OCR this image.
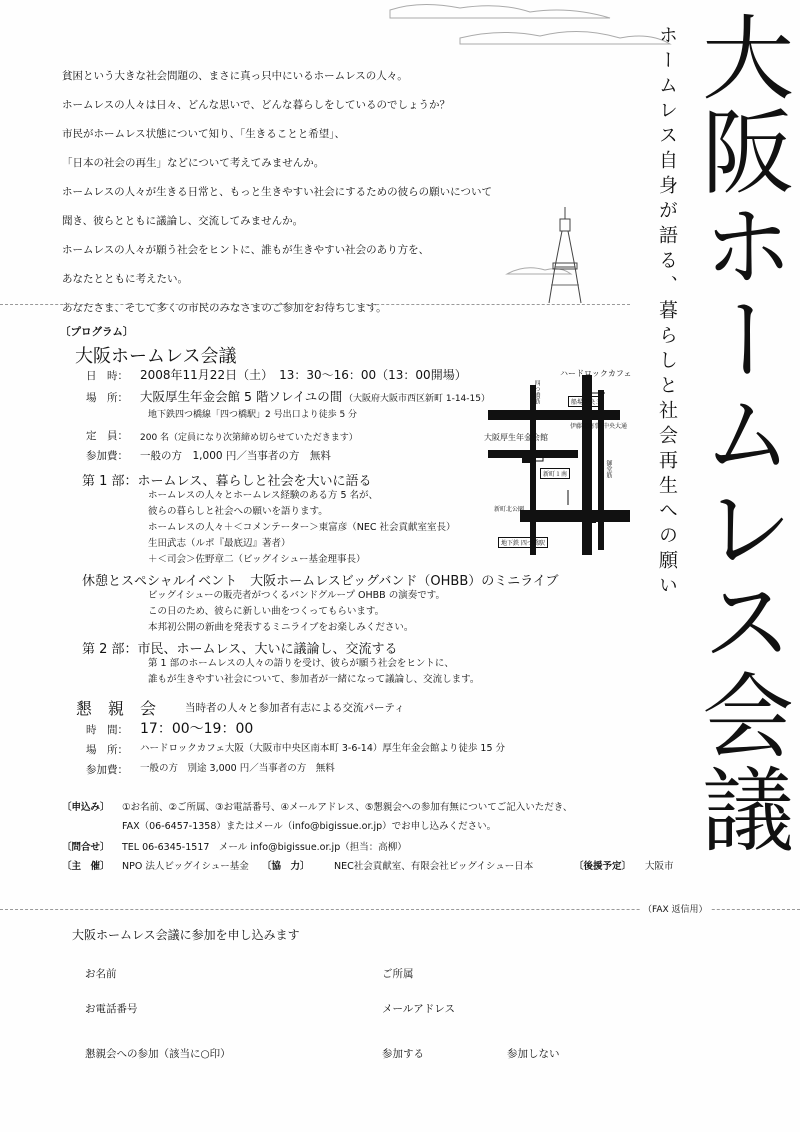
大阪ホームレス会議
ホームレス自身が語る、暮らしと社会再生への願い

貧困という大きな社会問題の、まさに真っ只中にいるホームレスの人々。

ホームレスの人々は日々、どんな思いで、どんな暮らしをしているのでしょうか？

市民がホームレス状態について知り、「生きることと希望」、

「日本の社会の再生」などについて考えてみませんか。

ホームレスの人々が生きる日常と、もっと生きやすい社会にするための彼らの願いについて

聞き、彼らとともに議論し、交流してみませんか。

ホームレスの人々が願う社会をヒントに、誰もが生きやすい社会のあり方を、

あなたとともに考えたい。

あなたさま、そして多くの市民のみなさまのご参加をお待ちします。

〔プログラム〕
大阪ホームレス会議
日　時： 2008年11月22日（土）　13：30〜16：00（13：00開場）
場　所： 大阪厚生年金会館 5 階ソレイユの間 （大阪府大阪市西区新町 1-14-15）
地下鉄四つ橋線「四つ橋駅」2 号出口より徒歩 5 分
定　員： 200 名（定員になり次第締め切らせていただきます）
参加費： 一般の方　1,000 円／当事者の方　無料
第 1 部：ホームレス、暮らしと社会を大いに語る
ホームレスの人々とホームレス経験のある方 5 名が、
彼らの暮らしと社会への願いを語ります。
ホームレスの人々＋＜コメンテーター＞東富彦（NEC 社会貢献室室長）
生田武志（ルポ『最底辺』著者）
＋＜司会＞佐野章二（ビッグイシュー基金理事長）
休憩とスペシャルイベント　大阪ホームレスビッグバンド（OHBB）のミニライブ
ビッグイシューの販売者がつくるバンドグループ OHBB の演奏です。
この日のため、彼らに新しい曲をつくってもらいます。
本邦初公開の新曲を発表するミニライブをお楽しみください。
第 2 部：市民、ホームレス、大いに議論し、交流する
第 1 部のホームレスの人々の語りを受け、彼らが願う社会をヒントに、
誰もが生きやすい社会について、参加者が一緒になって議論し、交流します。
懇　親　会	当時者の人々と参加者有志による交流パーティ
時　間： 17：00〜19：00
場　所： ハードロックカフェ大阪（大阪市中央区南本町 3-6-14）厚生年金会館より徒歩 15 分
参加費： 一般の方　別途 3,000 円／当事者の方　無料
ハードロックカフェ
四つ橋筋	船場中央３
伊藤忠商事 中央大通
大阪厚生年金会館
御堂筋
新町１南
新町北公園
地下鉄 四つ橋駅
〔申込み〕 ①お名前、②ご所属、③お電話番号、④メールアドレス、⑤懇親会への参加有無についてご記入いただき、
FAX（06-6457-1358）またはメール（info@bigissue.or.jp）でお申し込みください。
〔問合せ〕 TEL 06-6345-1517　メール info@bigissue.or.jp（担当：高柳）
〔主　催〕 NPO 法人ビッグイシュー基金 〔協　力〕	NEC社会貢献室、有限会社ビッグイシュー日本	〔後援予定〕 大阪市
（FAX 返信用）
大阪ホームレス会議に参加を申し込みます
お名前	ご所属
お電話番号	メールアドレス
懇親会への参加（該当に○印）	参加する	参加しない
